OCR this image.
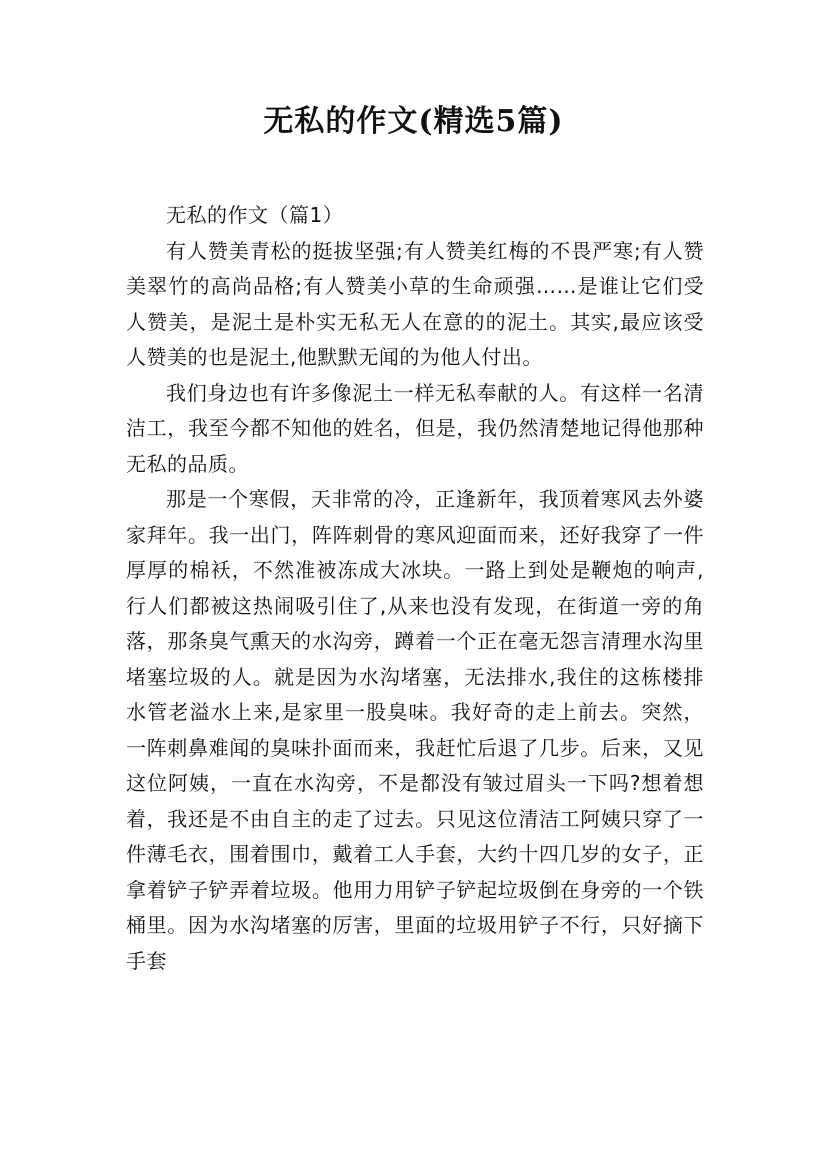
无私的作文(精选5篇)

无私的作文（篇1）

有人赞美青松的挺拔坚强;有人赞美红梅的不畏严寒;有人赞美翠竹的高尚品格;有人赞美小草的生命顽强……是谁让它们受人赞美，是泥土是朴实无私无人在意的的泥土。其实,最应该受人赞美的也是泥土,他默默无闻的为他人付出。

我们身边也有许多像泥土一样无私奉献的人。有这样一名清洁工，我至今都不知他的姓名，但是，我仍然清楚地记得他那种无私的品质。

那是一个寒假，天非常的冷，正逢新年，我顶着寒风去外婆家拜年。我一出门，阵阵刺骨的寒风迎面而来，还好我穿了一件厚厚的棉袄，不然准被冻成大冰块。一路上到处是鞭炮的响声,行人们都被这热闹吸引住了,从来也没有发现，在街道一旁的角落，那条臭气熏天的水沟旁，蹲着一个正在毫无怨言清理水沟里堵塞垃圾的人。就是因为水沟堵塞，无法排水,我住的这栋楼排水管老溢水上来,是家里一股臭味。我好奇的走上前去。突然，一阵刺鼻难闻的臭味扑面而来，我赶忙后退了几步。后来，又见这位阿姨，一直在水沟旁，不是都没有皱过眉头一下吗?想着想着，我还是不由自主的走了过去。只见这位清洁工阿姨只穿了一件薄毛衣，围着围巾，戴着工人手套，大约十四几岁的女子，正拿着铲子铲弄着垃圾。他用力用铲子铲起垃圾倒在身旁的一个铁桶里。因为水沟堵塞的厉害，里面的垃圾用铲子不行，只好摘下手套
